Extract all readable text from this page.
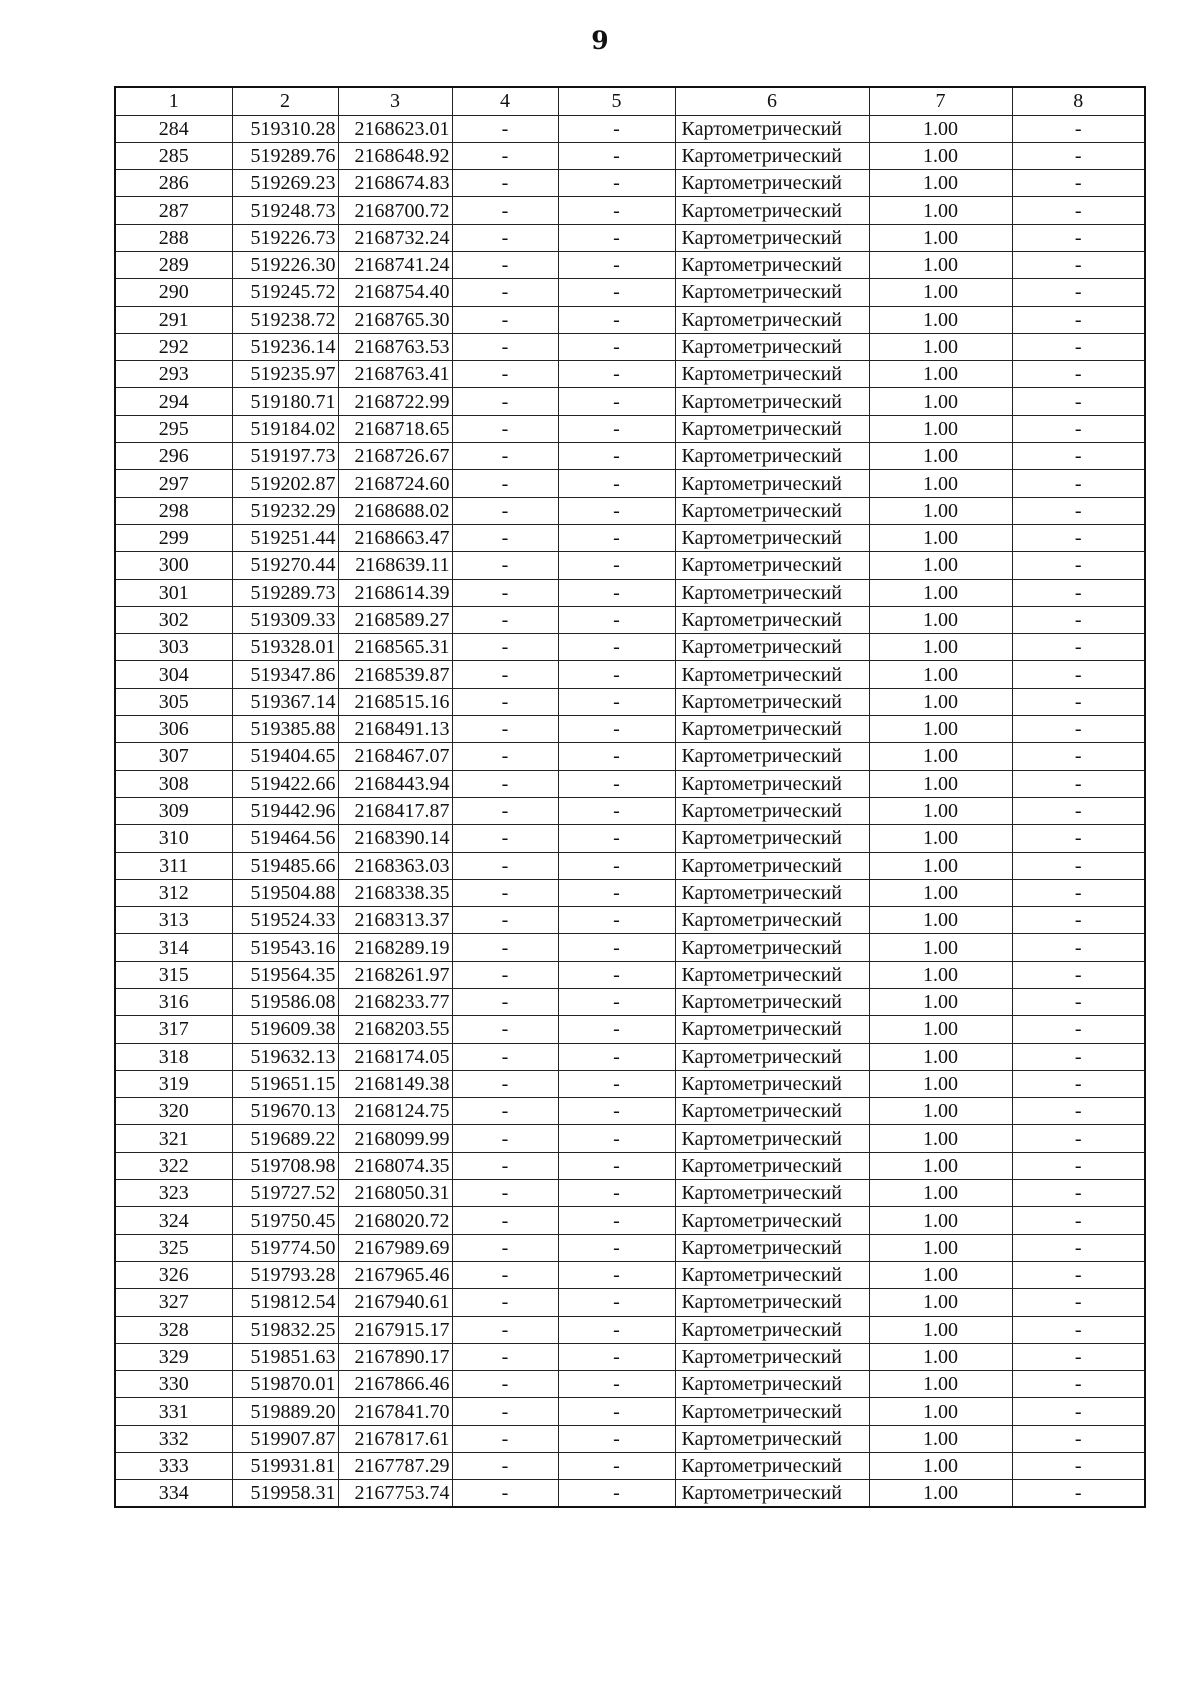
9
1	2	3	4	5	6	7	8
284	519310.28	2168623.01	-	-	Картометрический	1.00	-
285	519289.76	2168648.92	-	-	Картометрический	1.00	-
286	519269.23	2168674.83	-	-	Картометрический	1.00	-
287	519248.73	2168700.72	-	-	Картометрический	1.00	-
288	519226.73	2168732.24	-	-	Картометрический	1.00	-
289	519226.30	2168741.24	-	-	Картометрический	1.00	-
290	519245.72	2168754.40	-	-	Картометрический	1.00	-
291	519238.72	2168765.30	-	-	Картометрический	1.00	-
292	519236.14	2168763.53	-	-	Картометрический	1.00	-
293	519235.97	2168763.41	-	-	Картометрический	1.00	-
294	519180.71	2168722.99	-	-	Картометрический	1.00	-
295	519184.02	2168718.65	-	-	Картометрический	1.00	-
296	519197.73	2168726.67	-	-	Картометрический	1.00	-
297	519202.87	2168724.60	-	-	Картометрический	1.00	-
298	519232.29	2168688.02	-	-	Картометрический	1.00	-
299	519251.44	2168663.47	-	-	Картометрический	1.00	-
300	519270.44	2168639.11	-	-	Картометрический	1.00	-
301	519289.73	2168614.39	-	-	Картометрический	1.00	-
302	519309.33	2168589.27	-	-	Картометрический	1.00	-
303	519328.01	2168565.31	-	-	Картометрический	1.00	-
304	519347.86	2168539.87	-	-	Картометрический	1.00	-
305	519367.14	2168515.16	-	-	Картометрический	1.00	-
306	519385.88	2168491.13	-	-	Картометрический	1.00	-
307	519404.65	2168467.07	-	-	Картометрический	1.00	-
308	519422.66	2168443.94	-	-	Картометрический	1.00	-
309	519442.96	2168417.87	-	-	Картометрический	1.00	-
310	519464.56	2168390.14	-	-	Картометрический	1.00	-
311	519485.66	2168363.03	-	-	Картометрический	1.00	-
312	519504.88	2168338.35	-	-	Картометрический	1.00	-
313	519524.33	2168313.37	-	-	Картометрический	1.00	-
314	519543.16	2168289.19	-	-	Картометрический	1.00	-
315	519564.35	2168261.97	-	-	Картометрический	1.00	-
316	519586.08	2168233.77	-	-	Картометрический	1.00	-
317	519609.38	2168203.55	-	-	Картометрический	1.00	-
318	519632.13	2168174.05	-	-	Картометрический	1.00	-
319	519651.15	2168149.38	-	-	Картометрический	1.00	-
320	519670.13	2168124.75	-	-	Картометрический	1.00	-
321	519689.22	2168099.99	-	-	Картометрический	1.00	-
322	519708.98	2168074.35	-	-	Картометрический	1.00	-
323	519727.52	2168050.31	-	-	Картометрический	1.00	-
324	519750.45	2168020.72	-	-	Картометрический	1.00	-
325	519774.50	2167989.69	-	-	Картометрический	1.00	-
326	519793.28	2167965.46	-	-	Картометрический	1.00	-
327	519812.54	2167940.61	-	-	Картометрический	1.00	-
328	519832.25	2167915.17	-	-	Картометрический	1.00	-
329	519851.63	2167890.17	-	-	Картометрический	1.00	-
330	519870.01	2167866.46	-	-	Картометрический	1.00	-
331	519889.20	2167841.70	-	-	Картометрический	1.00	-
332	519907.87	2167817.61	-	-	Картометрический	1.00	-
333	519931.81	2167787.29	-	-	Картометрический	1.00	-
334	519958.31	2167753.74	-	-	Картометрический	1.00	-
